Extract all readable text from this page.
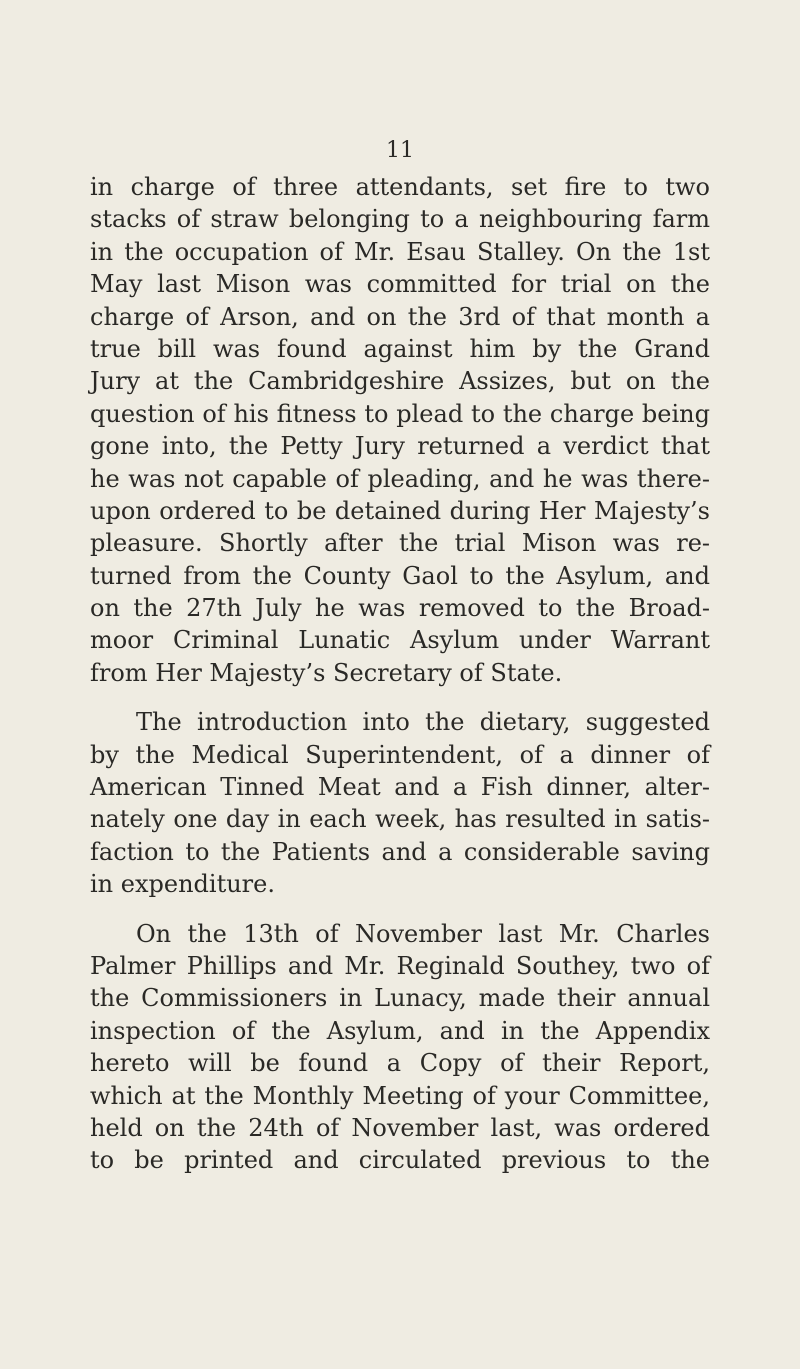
11
in charge of three attendants, set fire to two
stacks of straw belonging to a neighbouring farm
in the occupation of Mr. Esau Stalley. On the 1st
May last Mison was committed for trial on the
charge of Arson, and on the 3rd of that month a
true bill was found against him by the Grand
Jury at the Cambridgeshire Assizes, but on the
question of his fitness to plead to the charge being
gone into, the Petty Jury returned a verdict that
he was not capable of pleading, and he was there-
upon ordered to be detained during Her Majesty’s
pleasure. Shortly after the trial Mison was re-
turned from the County Gaol to the Asylum, and
on the 27th July he was removed to the Broad-
moor Criminal Lunatic Asylum under Warrant
from Her Majesty’s Secretary of State.
The introduction into the dietary, suggested
by the Medical Superintendent, of a dinner of
American Tinned Meat and a Fish dinner, alter-
nately one day in each week, has resulted in satis-
faction to the Patients and a considerable saving
in expenditure.
On the 13th of November last Mr. Charles
Palmer Phillips and Mr. Reginald Southey, two of
the Commissioners in Lunacy, made their annual
inspection of the Asylum, and in the Appendix
hereto will be found a Copy of their Report,
which at the Monthly Meeting of your Committee,
held on the 24th of November last, was ordered
to be printed and circulated previous to the
